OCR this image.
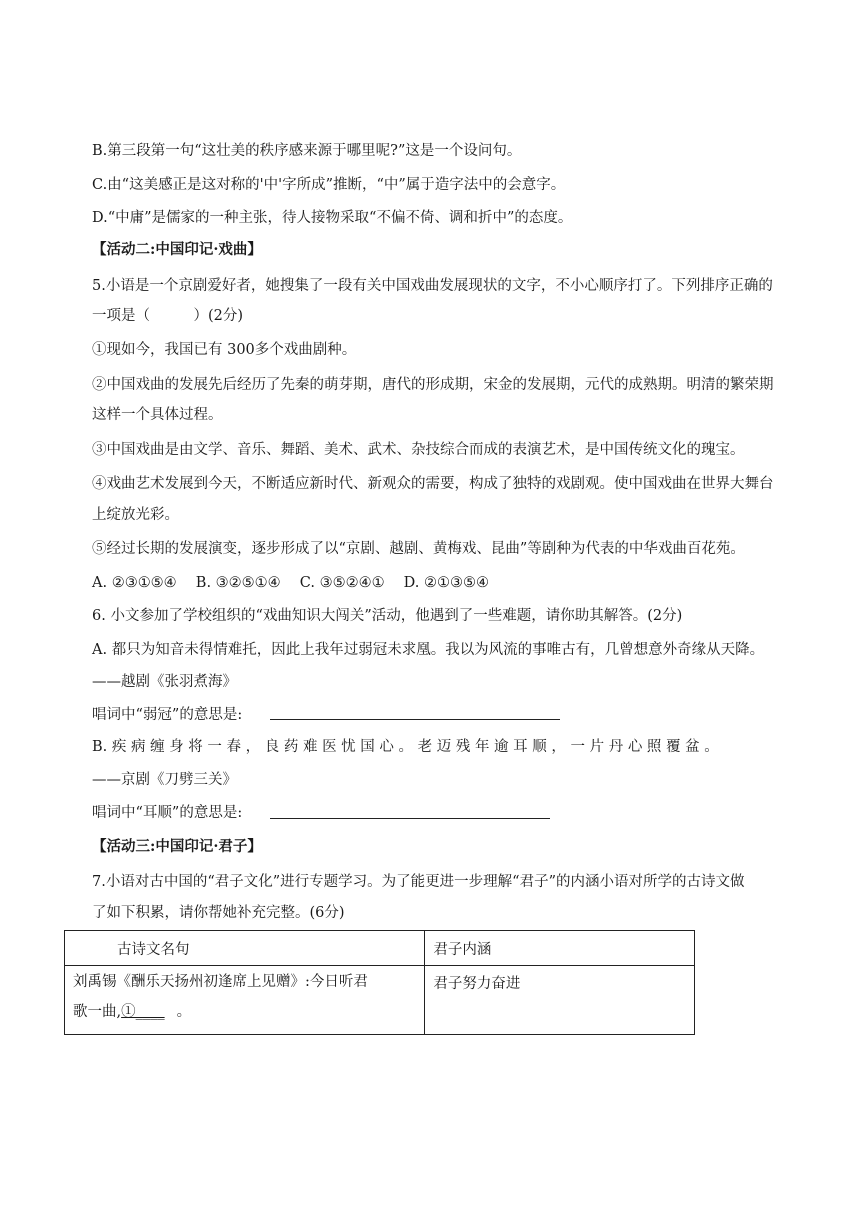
B.第三段第一句“这壮美的秩序感来源于哪里呢?”这是一个设问句。
C.由“这美感正是这对称的'中'字所成”推断，“中”属于造字法中的会意字。
D.“中庸”是儒家的一种主张，待人接物采取“不偏不倚、调和折中”的态度。
【活动二:中国印记·戏曲】
5.小语是一个京剧爱好者，她搜集了一段有关中国戏曲发展现状的文字，不小心顺序打了。下列排序正确的
一项是（　　　）(2分)
①现如今，我国已有 300多个戏曲剧种。
②中国戏曲的发展先后经历了先秦的萌芽期，唐代的形成期，宋金的发展期，元代的成熟期。明清的繁荣期
这样一个具体过程。
③中国戏曲是由文学、音乐、舞蹈、美术、武术、杂技综合而成的表演艺术，是中国传统文化的瑰宝。
④戏曲艺术发展到今天，不断适应新时代、新观众的需要，构成了独特的戏剧观。使中国戏曲在世界大舞台
上绽放光彩。
⑤经过长期的发展演变，逐步形成了以“京剧、越剧、黄梅戏、昆曲”等剧种为代表的中华戏曲百花苑。
A. ②③①⑤④　 B. ③②⑤①④　 C. ③⑤②④①　 D. ②①③⑤④
6. 小文参加了学校组织的“戏曲知识大闯关”活动，他遇到了一些难题，请你助其解答。(2分)
A. 都只为知音未得情难托，因此上我年过弱冠未求凰。我以为风流的事唯古有，几曾想意外奇缘从天降。
——越剧《张羽煮海》
唱词中“弱冠”的意思是:
B. 疾 病 缠 身 将 一 春 ， 良 药 难 医 忧 国 心 。 老 迈 残 年 逾 耳 顺 ， 一 片 丹 心 照 覆 盆 。
——京剧《刀劈三关》
唱词中“耳顺”的意思是:
【活动三:中国印记·君子】
7.小语对古中国的“君子文化”进行专题学习。为了能更进一步理解“君子”的内涵小语对所学的古诗文做
了如下积累，请你帮她补充完整。(6分)
古诗文名句	君子内涵

刘禹锡《酬乐天扬州初逢席上见赠》:今日听君
歌一曲,①____ 。	君子努力奋进
